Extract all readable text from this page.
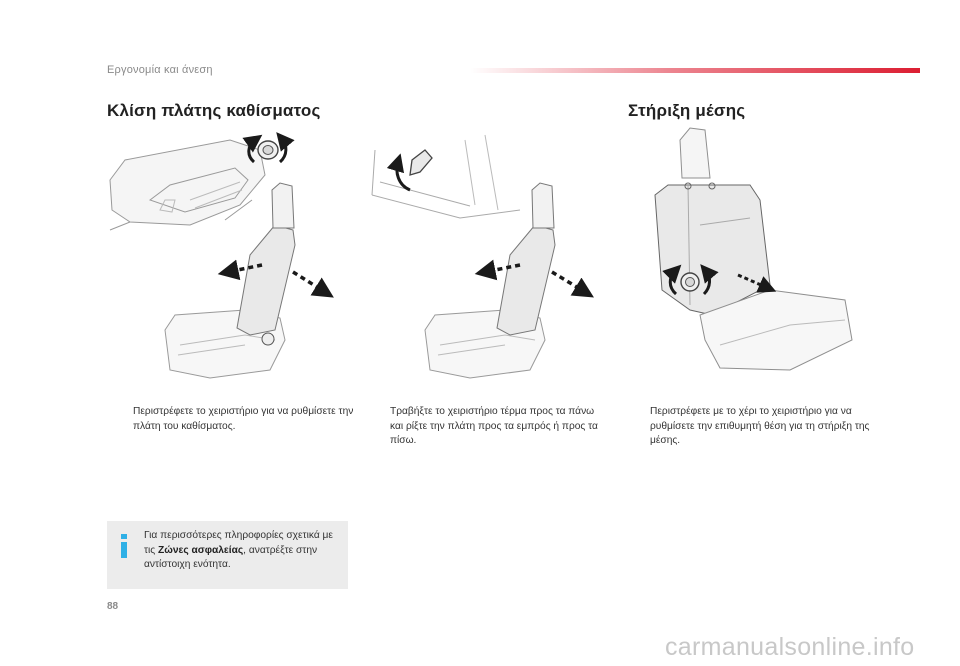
Εργονομία και άνεση
Κλίση πλάτης καθίσματος	Στήριξη μέσης
Περιστρέφετε το χειριστήριο για να ρυθμίσετε την πλάτη του καθίσματος.
Τραβήξτε το χειριστήριο τέρμα προς τα πάνω και ρίξτε την πλάτη προς τα εμπρός ή προς τα πίσω.
Περιστρέφετε με το χέρι το χειριστήριο για να ρυθμίσετε την επιθυμητή θέση για τη στήριξη της μέσης.
Για περισσότερες πληροφορίες σχετικά με τις Ζώνες ασφαλείας, ανατρέξτε στην αντίστοιχη ενότητα.
88
carmanualsonline.info
